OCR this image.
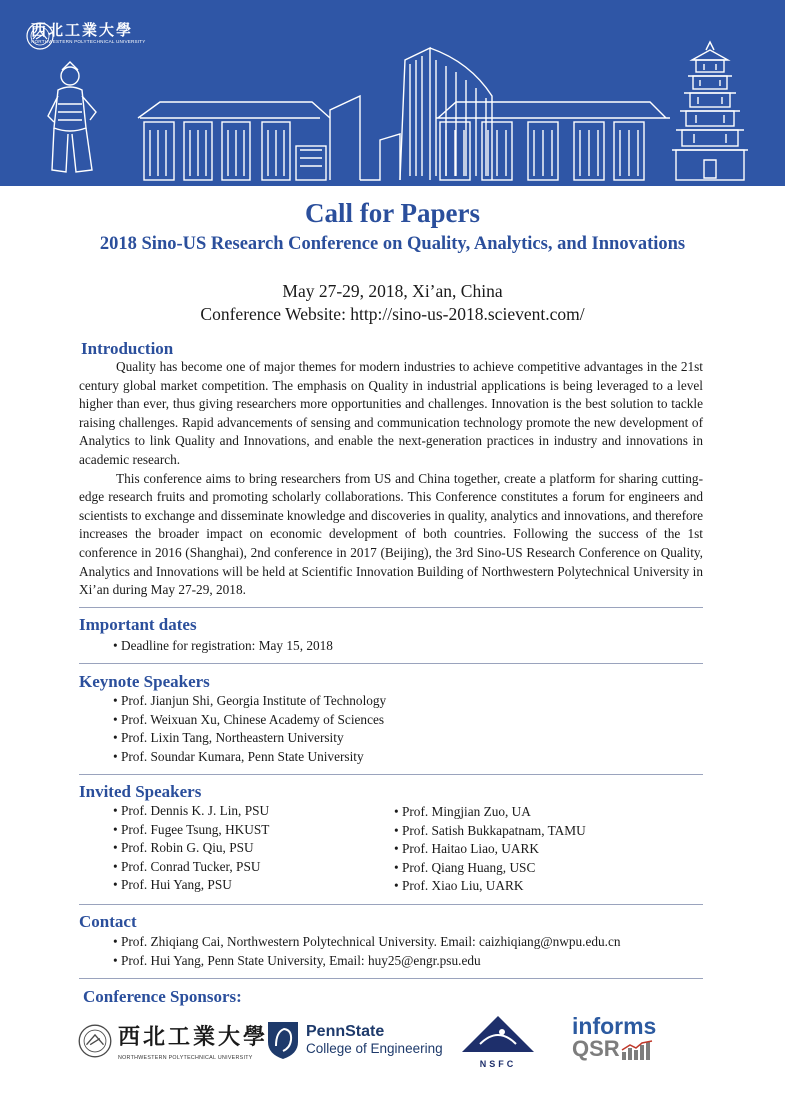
西北工業大學
NORTHWESTERN POLYTECHNICAL UNIVERSITY
Call for Papers
2018 Sino-US Research Conference on Quality, Analytics, and Innovations
May 27-29, 2018, Xi’an, China
Conference Website: http://sino-us-2018.scievent.com/
Introduction

Quality has become one of major themes for modern industries to achieve competitive advantages in the 21st century global market competition. The emphasis on Quality in industrial applications is being leveraged to a level higher than ever, thus giving researchers more opportunities and challenges. Innovation is the best solution to tackle raising challenges. Rapid advancements of sensing and communication technology promote the new development of Analytics to link Quality and Innovations, and enable the next-generation practices in industry and innovations in academic research.

This conference aims to bring researchers from US and China together, create a platform for sharing cutting-edge research fruits and promoting scholarly collaborations. This Conference constitutes a forum for engineers and scientists to exchange and disseminate knowledge and discoveries in quality, analytics and innovations, and therefore increases the broader impact on economic development of both countries. Following the success of the 1st conference in 2016 (Shanghai), 2nd conference in 2017 (Beijing), the 3rd Sino-US Research Conference on Quality, Analytics and Innovations will be held at Scientific Innovation Building of Northwestern Polytechnical University in Xi’an during May 27-29, 2018.

Important dates
• Deadline for registration: May 15, 2018
Keynote Speakers
• Prof. Jianjun Shi, Georgia Institute of Technology
• Prof. Weixuan Xu, Chinese Academy of Sciences
• Prof. Lixin Tang, Northeastern University
• Prof. Soundar Kumara, Penn State University
Invited Speakers
• Prof. Dennis K. J. Lin, PSU
• Prof. Fugee Tsung, HKUST
• Prof. Robin G. Qiu, PSU
• Prof. Conrad Tucker, PSU
• Prof. Hui Yang, PSU
• Prof. Mingjian Zuo, UA
• Prof. Satish Bukkapatnam, TAMU
• Prof. Haitao Liao, UARK
• Prof. Qiang Huang, USC
• Prof. Xiao Liu, UARK
Contact
• Prof. Zhiqiang Cai, Northwestern Polytechnical University. Email: caizhiqiang@nwpu.edu.cn
• Prof. Hui Yang, Penn State University, Email: huy25@engr.psu.edu
Conference Sponsors:
西北工業大學
NORTHWESTERN POLYTECHNICAL UNIVERSITY
PennState
College of Engineering
NSFC
informs
QSR
